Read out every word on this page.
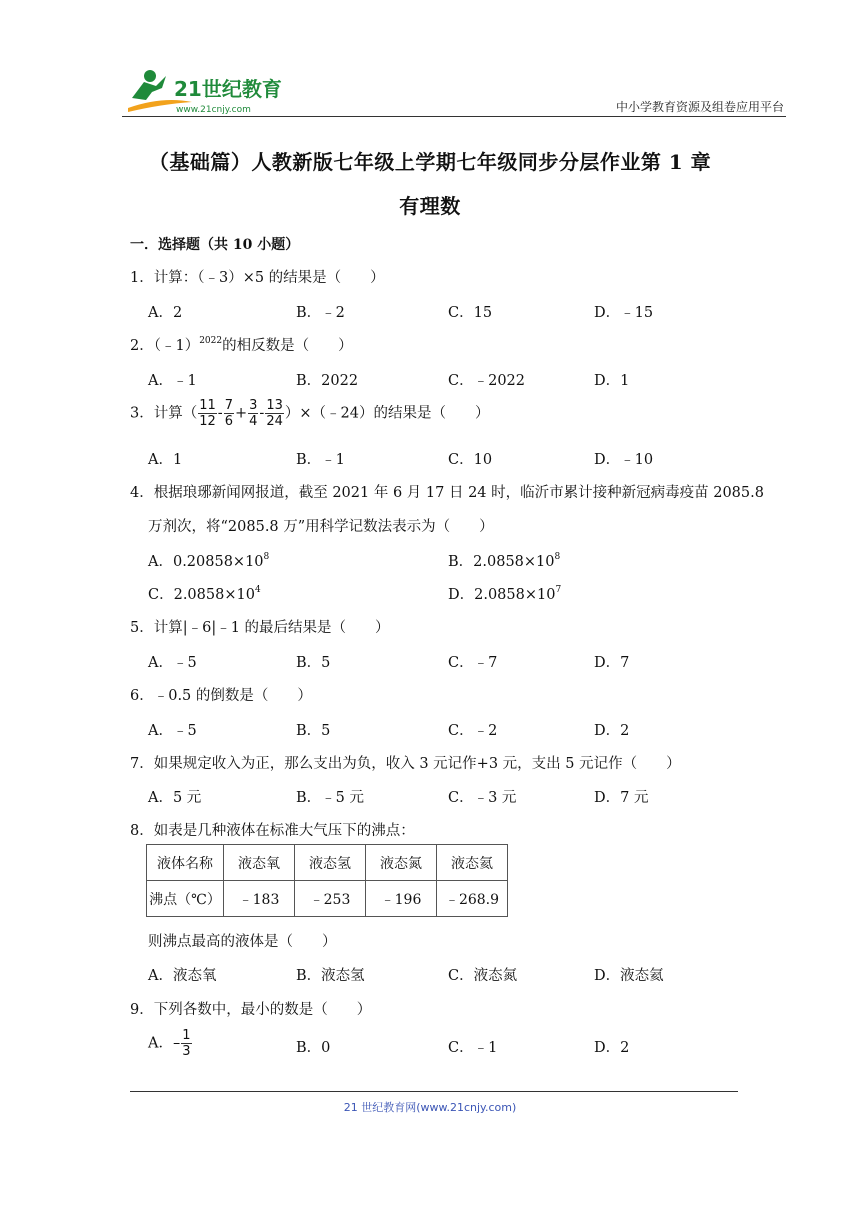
21世纪教育
www.21cnjy.com	中小学教育资源及组卷应用平台
（基础篇）人教新版七年级上学期七年级同步分层作业第 1 章
有理数
一．选择题（共 10 小题）
1．计算：（﹣3）×5 的结果是（　　）
A．2	B．﹣2	C．15	D．﹣15
2．（﹣1）$^{2022}$的相反数是（　　）
A．﹣1	B．2022	C．﹣2022	D．1
3．计算（ $\frac{11}{12} - \frac{7}{6} + \frac{3}{4} - \frac{13}{24}$ ）×（﹣24）的结果是（　　）
A．1	B．﹣1	C．10	D．﹣10
4．根据琅琊新闻网报道，截至 2021 年 6 月 17 日 24 时，临沂市累计接种新冠病毒疫苗 2085.8
万剂次，将“2085.8 万”用科学记数法表示为（　　）
A．$0.20858\times 10^8$	B．$2.0858\times 10^8$
C．$2.0858\times 10^4$	D．$2.0858\times 10^7$
5．计算|﹣6|﹣1 的最后结果是（　　）
A．﹣5	B．5	C．﹣7	D．7
6．﹣0.5 的倒数是（　　）
A．﹣5	B．5	C．﹣2	D．2
7．如果规定收入为正，那么支出为负，收入 3 元记作+3 元，支出 5 元记作（　　）
A．5 元	B．﹣5 元	C．﹣3 元	D．7 元
8．如表是几种液体在标准大气压下的沸点：
液体名称	液态氧	液态氢	液态氮	液态氦
沸点（℃）	﹣183	﹣253	﹣196	﹣268.9
则沸点最高的液体是（　　）
A．液态氧	B．液态氢	C．液态氮	D．液态氦
9．下列各数中，最小的数是（　　）
A．– $\frac{1}{3}$	B．0	C．﹣1	D．2
21 世纪教育网(www.21cnjy.com)
